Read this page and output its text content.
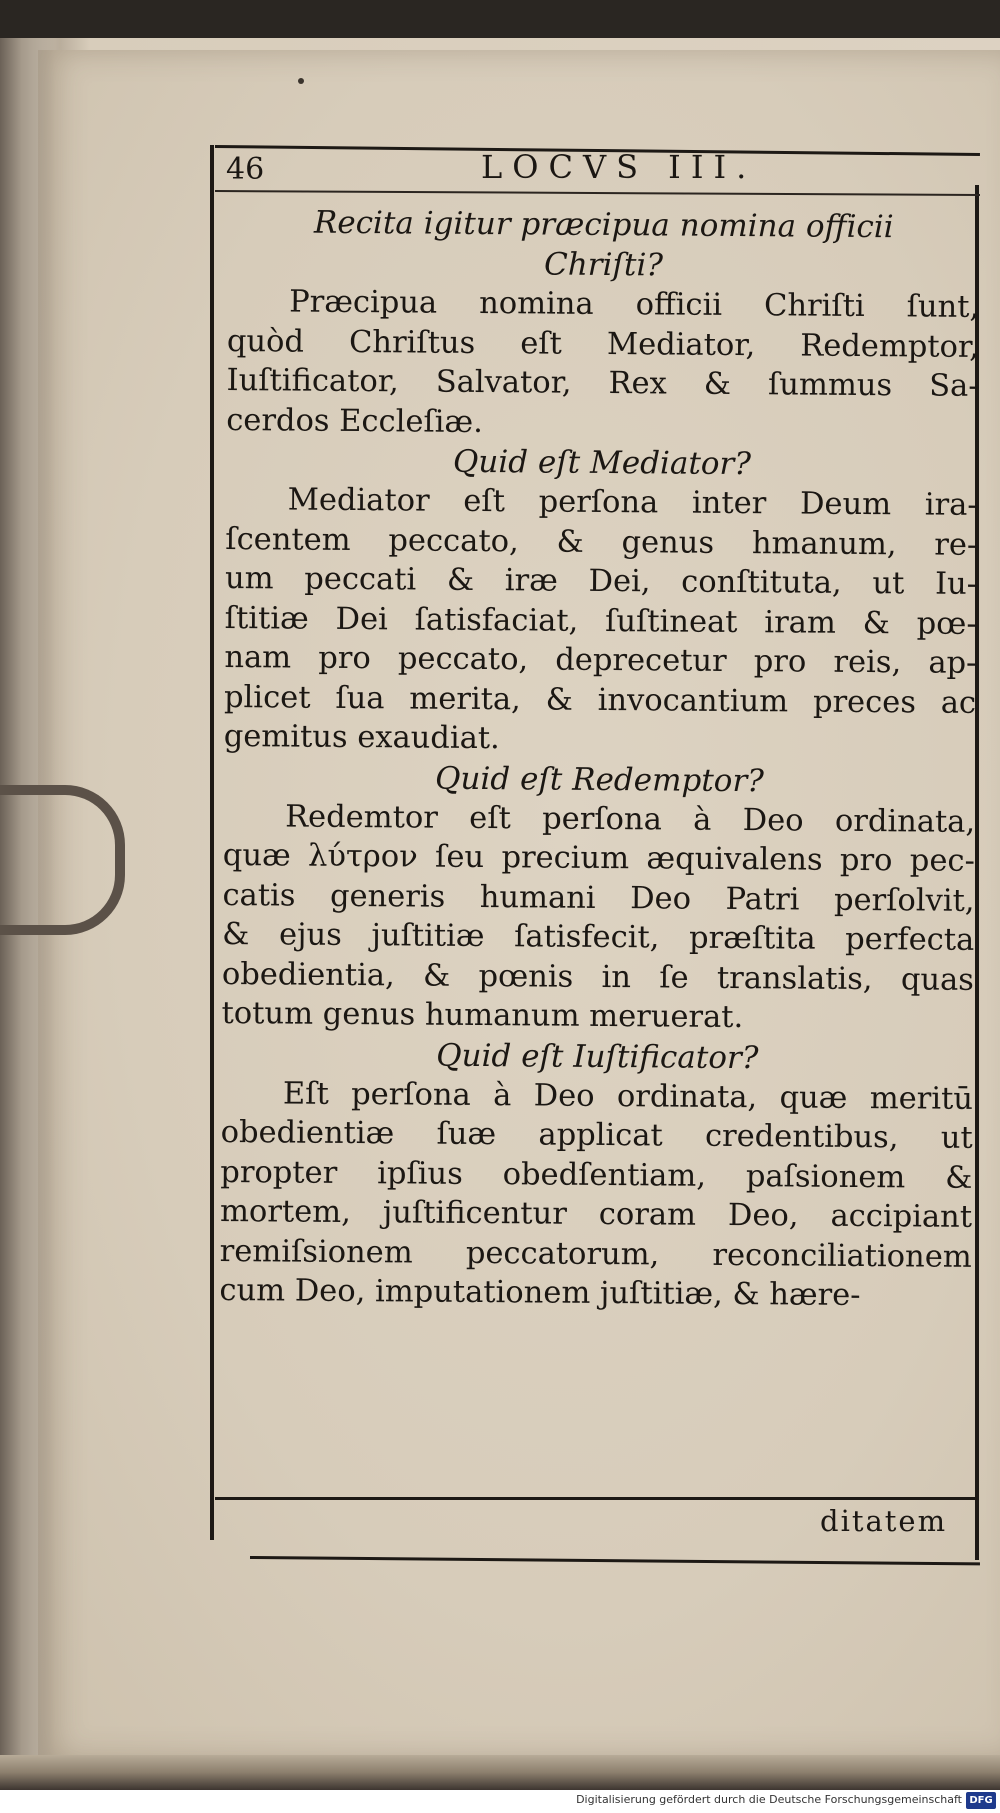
46	LOCVS III.

Recita igitur præcipua nomina officii
Chriſti?

Præcipua nomina officii Chriſti ſunt,

quòd Chriſtus eſt Mediator, Redemptor,

Iuſtificator, Salvator, Rex & ſummus Sa-

cerdos Eccleſiæ.

Quid eſt Mediator?

Mediator eſt perſona inter Deum ira-

ſcentem peccato, & genus hmanum, re-

um peccati & iræ Dei, conſtituta, ut Iu-

ſtitiæ Dei ſatisfaciat, ſuſtineat iram & pœ-

nam pro peccato, deprecetur pro reis, ap-

plicet ſua merita, & invocantium preces ac

gemitus exaudiat.

Quid eſt Redemptor?

Redemtor eſt perſona à Deo ordinata,

quæ λύτρον ſeu precium æquivalens pro pec-

catis generis humani Deo Patri perſolvit,

& ejus juſtitiæ ſatisfecit, præſtita perfecta

obedientia, & pœnis in ſe translatis, quas

totum genus humanum meruerat.

Quid eſt Iuſtificator?

Eſt perſona à Deo ordinata, quæ meritū

obedientiæ ſuæ applicat credentibus, ut

propter ipſius obedſentiam, paſsionem &

mortem, juſtificentur coram Deo, accipiant

remiſsionem peccatorum, reconciliationem

cum Deo, imputationem juſtitiæ, & hære-

ditatem
Digitalisierung gefördert durch die Deutsche Forschungsgemeinschaft DFG
